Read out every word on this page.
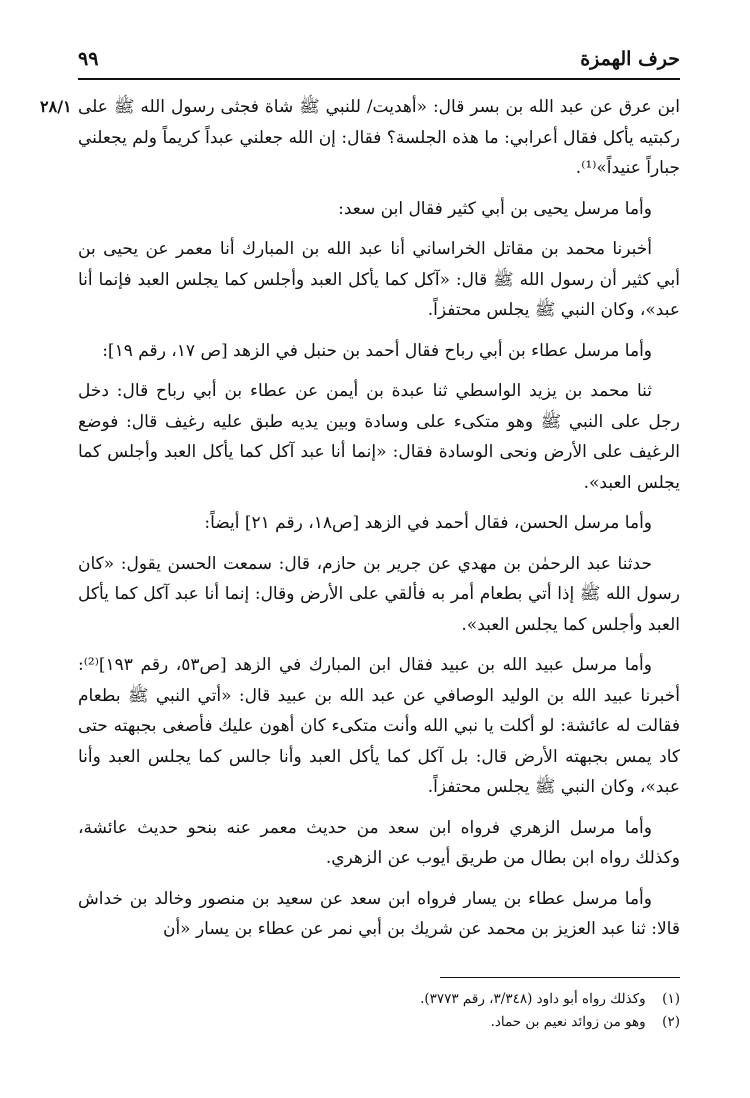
حرف الهمزة
٩٩
٢٨/١ ابن عرق عن عبد الله بن بسر قال: «أهديت/ للنبي ﷺ شاة فجثى رسول الله ﷺ على ركبتيه يأكل فقال أعرابي: ما هذه الجلسة؟ فقال: إن الله جعلني عبداً كريماً ولم يجعلني جباراً عنيداً»⁽¹⁾.

وأما مرسل يحيى بن أبي كثير فقال ابن سعد:

أخبرنا محمد بن مقاتل الخراساني أنا عبد الله بن المبارك أنا معمر عن يحيى بن أبي كثير أن رسول الله ﷺ قال: «آكل كما يأكل العبد وأجلس كما يجلس العبد فإنما أنا عبد»، وكان النبي ﷺ يجلس محتفزاً.

وأما مرسل عطاء بن أبي رباح فقال أحمد بن حنبل في الزهد [ص ١٧، رقم ١٩]:

ثنا محمد بن يزيد الواسطي ثنا عبدة بن أيمن عن عطاء بن أبي رباح قال: دخل رجل على النبي ﷺ وهو متكىء على وسادة وبين يديه طبق عليه رغيف قال: فوضع الرغيف على الأرض ونحى الوسادة فقال: «إنما أنا عبد آكل كما يأكل العبد وأجلس كما يجلس العبد».

وأما مرسل الحسن، فقال أحمد في الزهد [ص١٨، رقم ٢١] أيضاً:

حدثنا عبد الرحمٰن بن مهدي عن جرير بن حازم، قال: سمعت الحسن يقول: «كان رسول الله ﷺ إذا أتي بطعام أمر به فألقي على الأرض وقال: إنما أنا عبد آكل كما يأكل العبد وأجلس كما يجلس العبد».

وأما مرسل عبيد الله بن عبيد فقال ابن المبارك في الزهد [ص٥٣، رقم ١٩٣]⁽²⁾: أخبرنا عبيد الله بن الوليد الوصافي عن عبد الله بن عبيد قال: «أتي النبي ﷺ بطعام فقالت له عائشة: لو أكلت يا نبي الله وأنت متكىء كان أهون عليك فأصغى بجبهته حتى كاد يمس بجبهته الأرض قال: بل آكل كما يأكل العبد وأنا جالس كما يجلس العبد وأنا عبد»، وكان النبي ﷺ يجلس محتفزاً.

وأما مرسل الزهري فرواه ابن سعد من حديث معمر عنه بنحو حديث عائشة، وكذلك رواه ابن بطال من طريق أيوب عن الزهري.

وأما مرسل عطاء بن يسار فرواه ابن سعد عن سعيد بن منصور وخالد بن خداش قالا: ثنا عبد العزيز بن محمد عن شريك بن أبي نمر عن عطاء بن يسار «أن

(١) وكذلك رواه أبو داود (٣/٣٤٨، رقم ٣٧٧٣).

(٢) وهو من زوائد نعيم بن حماد.
